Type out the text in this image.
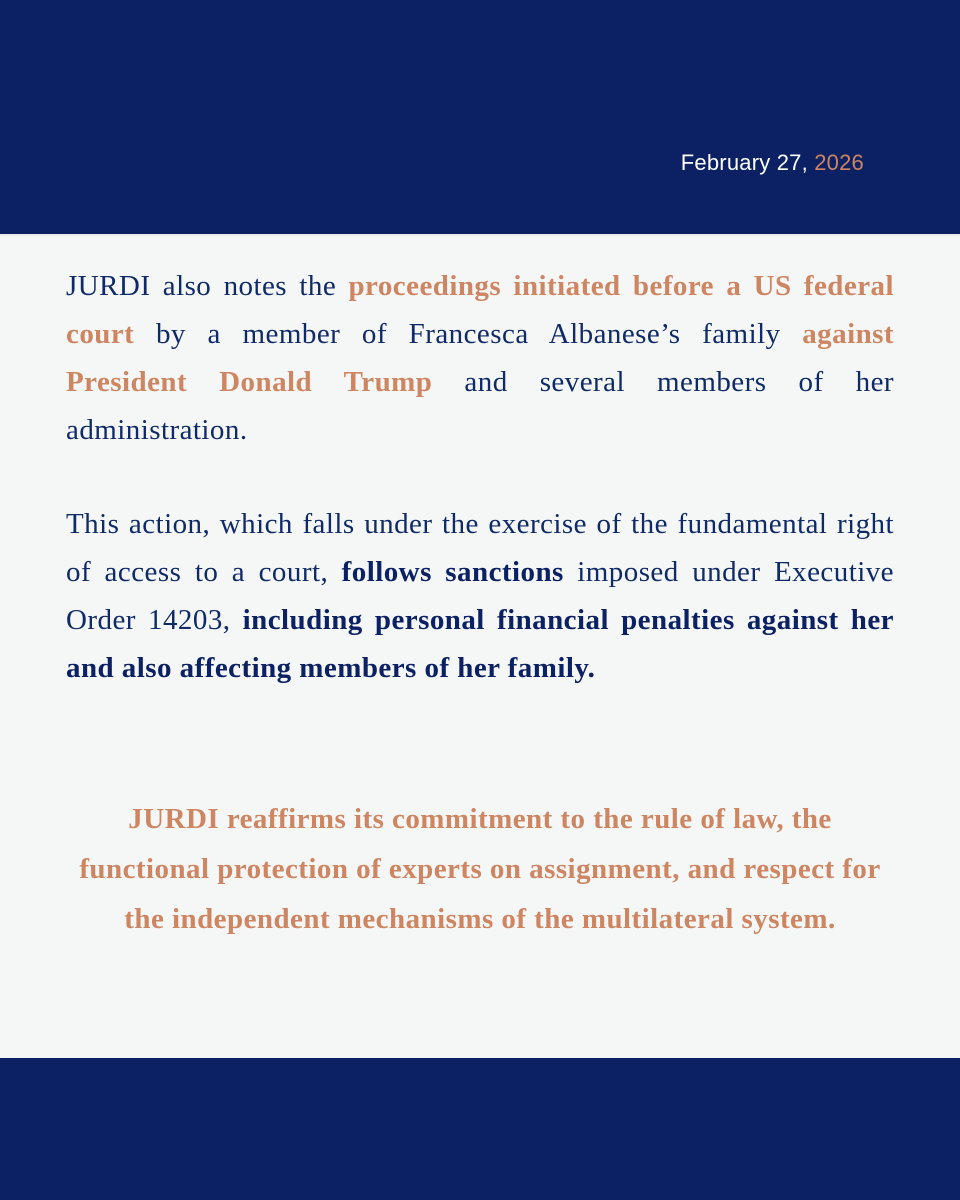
February 27, 2026

JURDI also notes the proceedings initiated before a US federal court by a member of Francesca Albanese’s family against President Donald Trump and several members of her administration.

This action, which falls under the exercise of the fundamental right of access to a court, follows sanctions imposed under Executive Order 14203, including personal financial penalties against her and also affecting members of her family.

JURDI reaffirms its commitment to the rule of law, the functional protection of experts on assignment, and respect for the independent mechanisms of the multilateral system.
